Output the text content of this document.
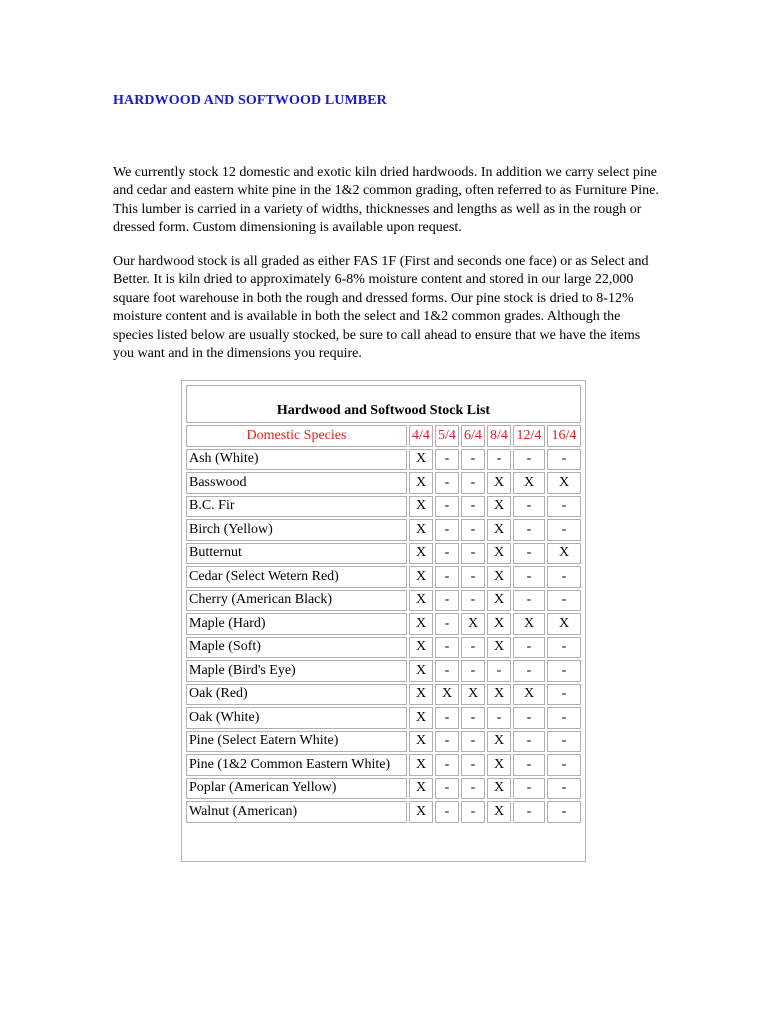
HARDWOOD AND SOFTWOOD LUMBER

We currently stock 12 domestic and exotic kiln dried hardwoods. In addition we carry select pine and cedar and eastern white pine in the 1&2 common grading, often referred to as Furniture Pine. This lumber is carried in a variety of widths, thicknesses and lengths as well as in the rough or dressed form. Custom dimensioning is available upon request.

Our hardwood stock is all graded as either FAS 1F (First and seconds one face) or as Select and Better. It is kiln dried to approximately 6-8% moisture content and stored in our large 22,000 square foot warehouse in both the rough and dressed forms. Our pine stock is dried to 8-12% moisture content and is available in both the select and 1&2 common grades. Although the species listed below are usually stocked, be sure to call ahead to ensure that we have the items you want and in the dimensions you require.

Hardwood and Softwood Stock List						
Domestic Species	4/4	5/4	6/4	8/4	12/4	16/4
Ash (White)	X	-	-	-	-	-
Basswood	X	-	-	X	X	X
B.C. Fir	X	-	-	X	-	-
Birch (Yellow)	X	-	-	X	-	-
Butternut	X	-	-	X	-	X
Cedar (Select Wetern Red)	X	-	-	X	-	-
Cherry (American Black)	X	-	-	X	-	-
Maple (Hard)	X	-	X	X	X	X
Maple (Soft)	X	-	-	X	-	-
Maple (Bird's Eye)	X	-	-	-	-	-
Oak (Red)	X	X	X	X	X	-
Oak (White)	X	-	-	-	-	-
Pine (Select Eatern White)	X	-	-	X	-	-
Pine (1&2 Common Eastern White)	X	-	-	X	-	-
Poplar (American Yellow)	X	-	-	X	-	-
Walnut (American)	X	-	-	X	-	-
